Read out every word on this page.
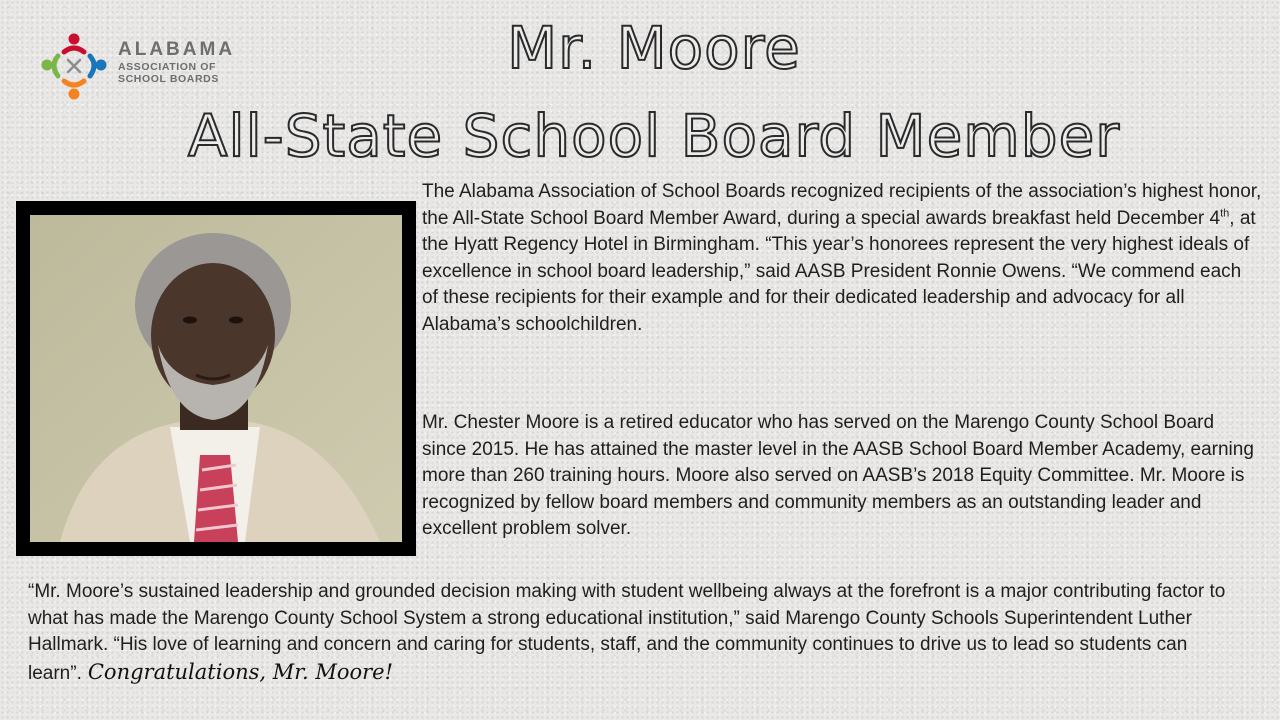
ALABAMA
ASSOCIATION OF
SCHOOL BOARDS	Mr. Moore
All-State School Board Member

The Alabama Association of School Boards recognized recipients of the association’s highest honor, the All-State School Board Member Award, during a special awards breakfast held December 4th, at the Hyatt Regency Hotel in Birmingham. “This year’s honorees represent the very highest ideals of excellence in school board leadership,” said AASB President Ronnie Owens. “We commend each of these recipients for their example and for their dedicated leadership and advocacy for all Alabama’s schoolchildren.

Mr. Chester Moore is a retired educator who has served on the Marengo County School Board since 2015. He has attained the master level in the AASB School Board Member Academy, earning more than 260 training hours. Moore also served on AASB’s 2018 Equity Committee. Mr. Moore is recognized by fellow board members and community members as an outstanding leader and excellent problem solver.

“Mr. Moore’s sustained leadership and grounded decision making with student wellbeing always at the forefront is a major contributing factor to what has made the Marengo County School System a strong educational institution,” said Marengo County Schools Superintendent Luther Hallmark. “His love of learning and concern and caring for students, staff, and the community continues to drive us to lead so students can learn”. Congratulations, Mr. Moore!
